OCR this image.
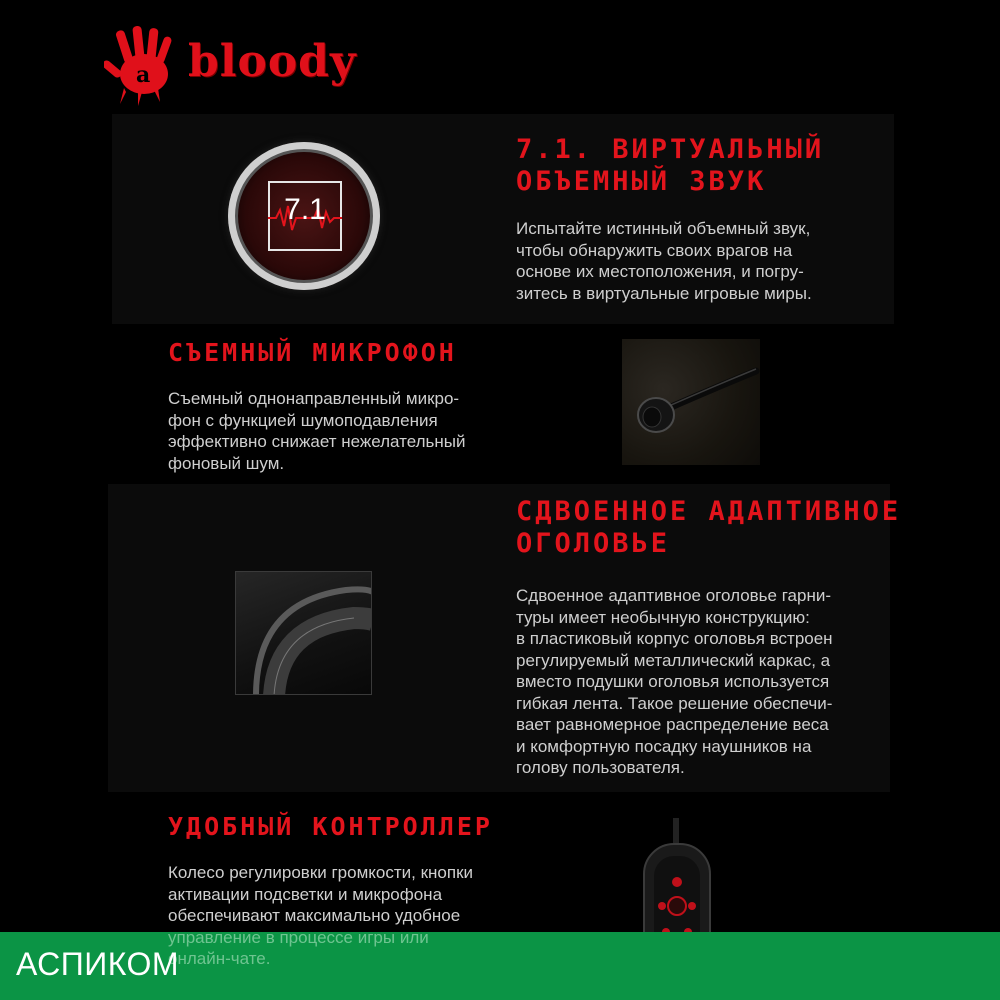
a bloody
7.1
7.1. ВИРТУАЛЬНЫЙ
ОБЪЕМНЫЙ ЗВУК
Испытайте истинный объемный звук,
чтобы обнаружить своих врагов на
основе их местоположения, и погру-
зитесь в виртуальные игровые миры.
СЪЕМНЫЙ МИКРОФОН
Съемный однонаправленный микро-
фон с функцией шумоподавления
эффективно снижает нежелательный
фоновый шум.
СДВОЕННОЕ АДАПТИВНОЕ
ОГОЛОВЬЕ
Сдвоенное адаптивное оголовье гарни-
туры имеет необычную конструкцию:
в пластиковый корпус оголовья встроен
регулируемый металлический каркас, а
вместо подушки оголовья используется
гибкая лента. Такое решение обеспечи-
вает равномерное распределение веса
и комфортную посадку наушников на
голову пользователя.
УДОБНЫЙ КОНТРОЛЛЕР
Колесо регулировки громкости, кнопки
активации подсветки и микрофона
обеспечивают максимально удобное
управление в процессе игры или
онлайн-чате.
АСПИКОМ
